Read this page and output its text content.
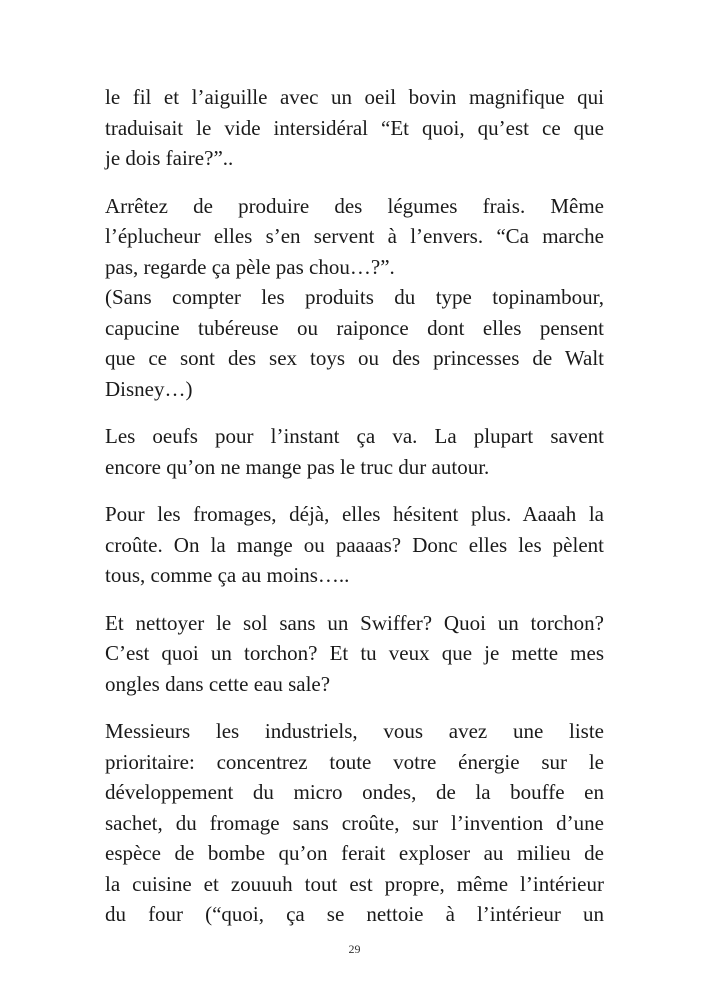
le fil et l’aiguille avec un oeil bovin magnifique qui
traduisait le vide intersidéral “Et quoi, qu’est ce que
je dois faire?”..

Arrêtez de produire des légumes frais. Même
l’éplucheur elles s’en servent à l’envers. “Ca marche
pas, regarde ça pèle pas chou…?”.
(Sans compter les produits du type topinambour,
capucine tubéreuse ou raiponce dont elles pensent
que ce sont des sex toys ou des princesses de Walt
Disney…)

Les oeufs pour l’instant ça va. La plupart savent
encore qu’on ne mange pas le truc dur autour.

Pour les fromages, déjà, elles hésitent plus. Aaaah la
croûte. On la mange ou paaaas? Donc elles les pèlent
tous, comme ça au moins…..

Et nettoyer le sol sans un Swiffer? Quoi un torchon?
C’est quoi un torchon? Et tu veux que je mette mes
ongles dans cette eau sale?

Messieurs les industriels, vous avez une liste
prioritaire: concentrez toute votre énergie sur le
développement du micro ondes, de la bouffe en
sachet, du fromage sans croûte, sur l’invention d’une
espèce de bombe qu’on ferait exploser au milieu de
la cuisine et zouuuh tout est propre, même l’intérieur
du four (“quoi, ça se nettoie à l’intérieur un

29
